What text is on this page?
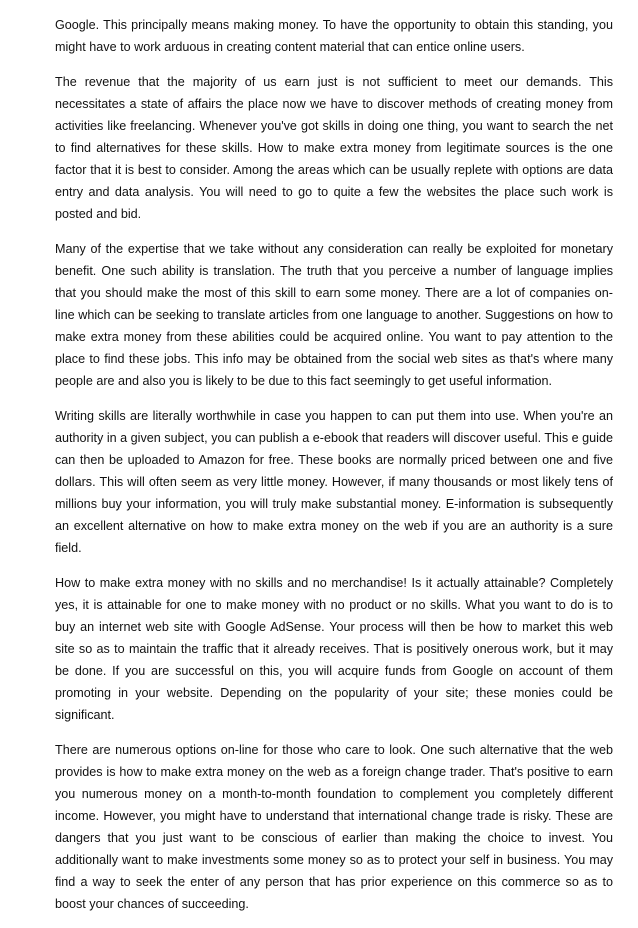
Google. This principally means making money. To have the opportunity to obtain this standing, you might have to work arduous in creating content material that can entice online users.

The revenue that the majority of us earn just is not sufficient to meet our demands. This necessitates a state of affairs the place now we have to discover methods of creating money from activities like freelancing. Whenever you've got skills in doing one thing, you want to search the net to find alternatives for these skills. How to make extra money from legitimate sources is the one factor that it is best to consider. Among the areas which can be usually replete with options are data entry and data analysis. You will need to go to quite a few the websites the place such work is posted and bid.

Many of the expertise that we take without any consideration can really be exploited for monetary benefit. One such ability is translation. The truth that you perceive a number of language implies that you should make the most of this skill to earn some money. There are a lot of companies on-line which can be seeking to translate articles from one language to another. Suggestions on how to make extra money from these abilities could be acquired online. You want to pay attention to the place to find these jobs. This info may be obtained from the social web sites as that's where many people are and also you is likely to be due to this fact seemingly to get useful information.

Writing skills are literally worthwhile in case you happen to can put them into use. When you're an authority in a given subject, you can publish a e-ebook that readers will discover useful. This e guide can then be uploaded to Amazon for free. These books are normally priced between one and five dollars. This will often seem as very little money. However, if many thousands or most likely tens of millions buy your information, you will truly make substantial money. E-information is subsequently an excellent alternative on how to make extra money on the web if you are an authority is a sure field.

How to make extra money with no skills and no merchandise! Is it actually attainable? Completely yes, it is attainable for one to make money with no product or no skills. What you want to do is to buy an internet web site with Google AdSense. Your process will then be how to market this web site so as to maintain the traffic that it already receives. That is positively onerous work, but it may be done. If you are successful on this, you will acquire funds from Google on account of them promoting in your website. Depending on the popularity of your site; these monies could be significant.

There are numerous options on-line for those who care to look. One such alternative that the web provides is how to make extra money on the web as a foreign change trader. That's positive to earn you numerous money on a month-to-month foundation to complement you completely different income. However, you might have to understand that international change trade is risky. These are dangers that you just want to be conscious of earlier than making the choice to invest. You additionally want to make investments some money so as to protect your self in business. You may find a way to seek the enter of any person that has prior experience on this commerce so as to boost your chances of succeeding.
